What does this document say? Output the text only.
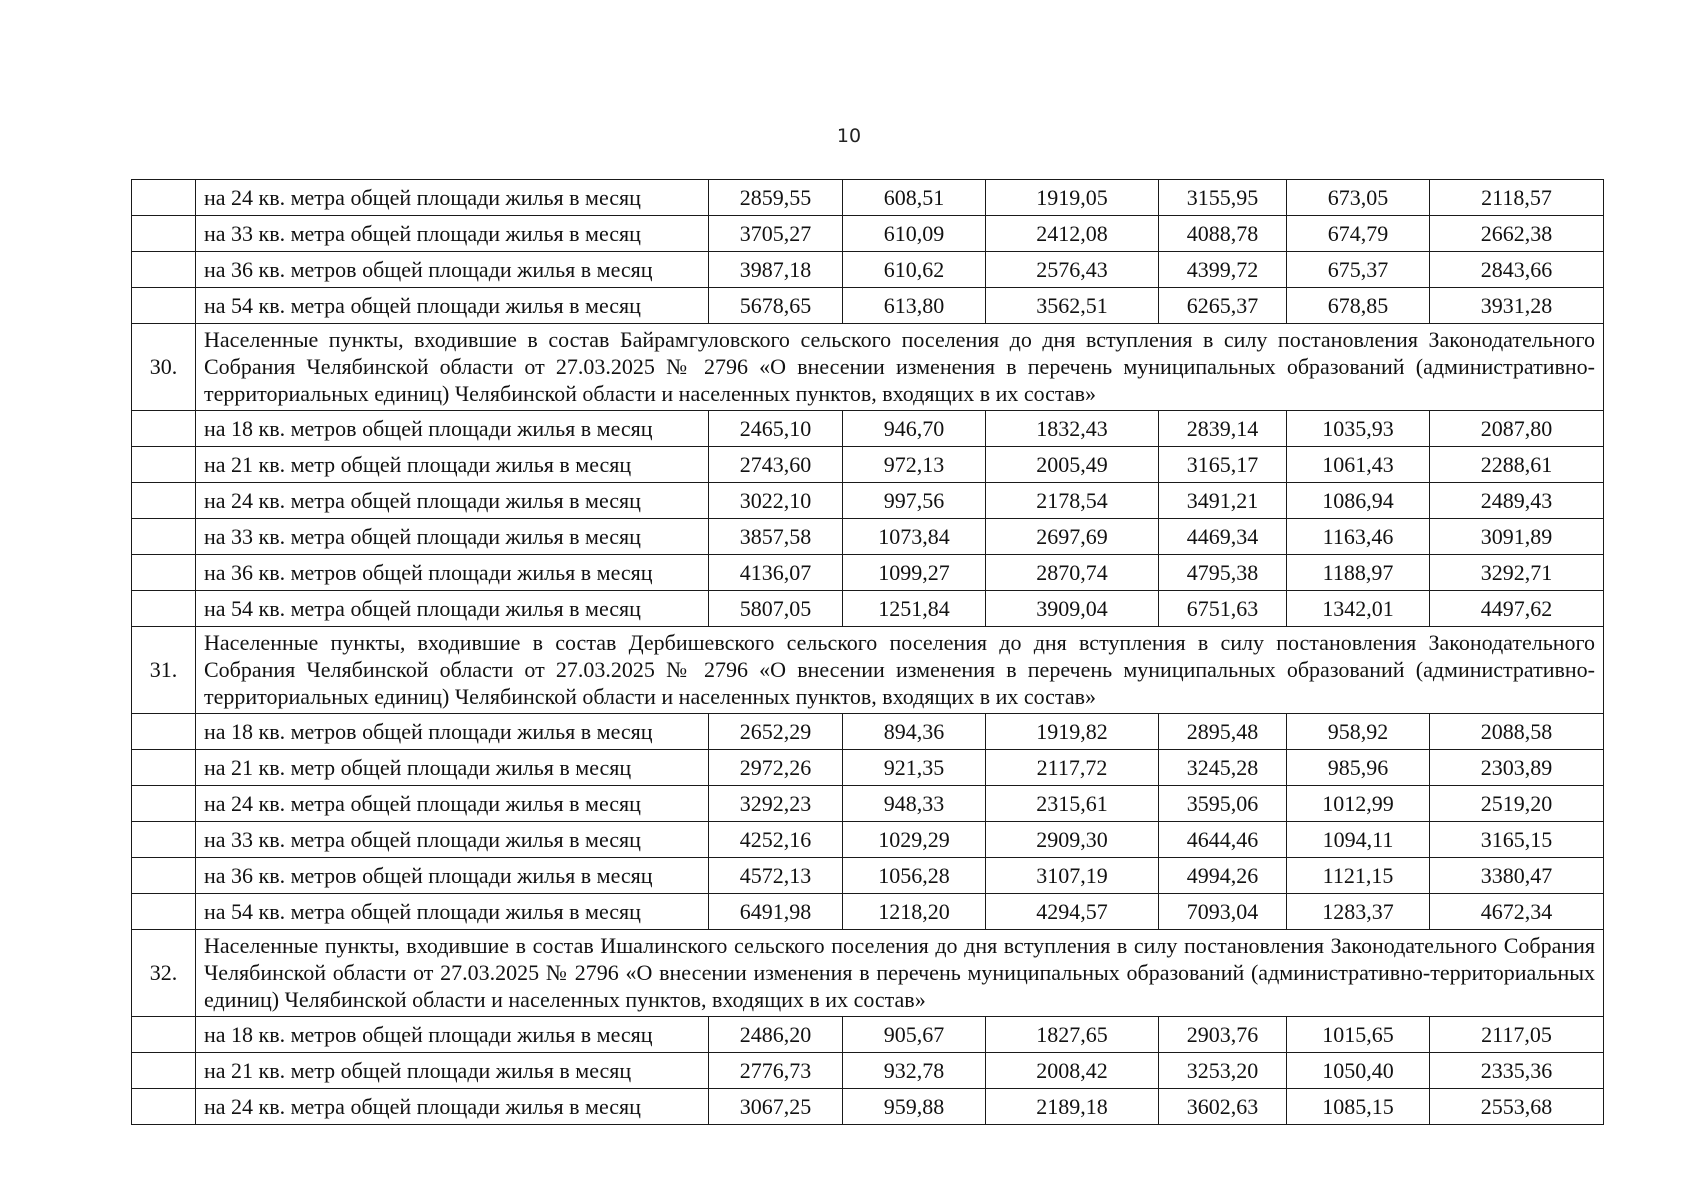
10
	на 24 кв. метра общей площади жилья в месяц	2859,55	608,51	1919,05	3155,95	673,05	2118,57
	на 33 кв. метра общей площади жилья в месяц	3705,27	610,09	2412,08	4088,78	674,79	2662,38
	на 36 кв. метров общей площади жилья в месяц	3987,18	610,62	2576,43	4399,72	675,37	2843,66
	на 54 кв. метра общей площади жилья в месяц	5678,65	613,80	3562,51	6265,37	678,85	3931,28
30.	Населенные пункты, входившие в состав Байрамгуловского сельского поселения до дня вступления в силу постановления Законодательного Собрания Челябинской области от 27.03.2025 № 2796 «О внесении изменения в перечень муниципальных образований (административно-территориальных единиц) Челябинской области и населенных пунктов, входящих в их состав»						
	на 18 кв. метров общей площади жилья в месяц	2465,10	946,70	1832,43	2839,14	1035,93	2087,80
	на 21 кв. метр общей площади жилья в месяц	2743,60	972,13	2005,49	3165,17	1061,43	2288,61
	на 24 кв. метра общей площади жилья в месяц	3022,10	997,56	2178,54	3491,21	1086,94	2489,43
	на 33 кв. метра общей площади жилья в месяц	3857,58	1073,84	2697,69	4469,34	1163,46	3091,89
	на 36 кв. метров общей площади жилья в месяц	4136,07	1099,27	2870,74	4795,38	1188,97	3292,71
	на 54 кв. метра общей площади жилья в месяц	5807,05	1251,84	3909,04	6751,63	1342,01	4497,62
31.	Населенные пункты, входившие в состав Дербишевского сельского поселения до дня вступления в силу постановления Законодательного Собрания Челябинской области от 27.03.2025 № 2796 «О внесении изменения в перечень муниципальных образований (административно-территориальных единиц) Челябинской области и населенных пунктов, входящих в их состав»						
	на 18 кв. метров общей площади жилья в месяц	2652,29	894,36	1919,82	2895,48	958,92	2088,58
	на 21 кв. метр общей площади жилья в месяц	2972,26	921,35	2117,72	3245,28	985,96	2303,89
	на 24 кв. метра общей площади жилья в месяц	3292,23	948,33	2315,61	3595,06	1012,99	2519,20
	на 33 кв. метра общей площади жилья в месяц	4252,16	1029,29	2909,30	4644,46	1094,11	3165,15
	на 36 кв. метров общей площади жилья в месяц	4572,13	1056,28	3107,19	4994,26	1121,15	3380,47
	на 54 кв. метра общей площади жилья в месяц	6491,98	1218,20	4294,57	7093,04	1283,37	4672,34
32.	Населенные пункты, входившие в состав Ишалинского сельского поселения до дня вступления в силу постановления Законодательного Собрания Челябинской области от 27.03.2025 № 2796 «О внесении изменения в перечень муниципальных образований (административно-территориальных единиц) Челябинской области и населенных пунктов, входящих в их состав»						
	на 18 кв. метров общей площади жилья в месяц	2486,20	905,67	1827,65	2903,76	1015,65	2117,05
	на 21 кв. метр общей площади жилья в месяц	2776,73	932,78	2008,42	3253,20	1050,40	2335,36
	на 24 кв. метра общей площади жилья в месяц	3067,25	959,88	2189,18	3602,63	1085,15	2553,68
